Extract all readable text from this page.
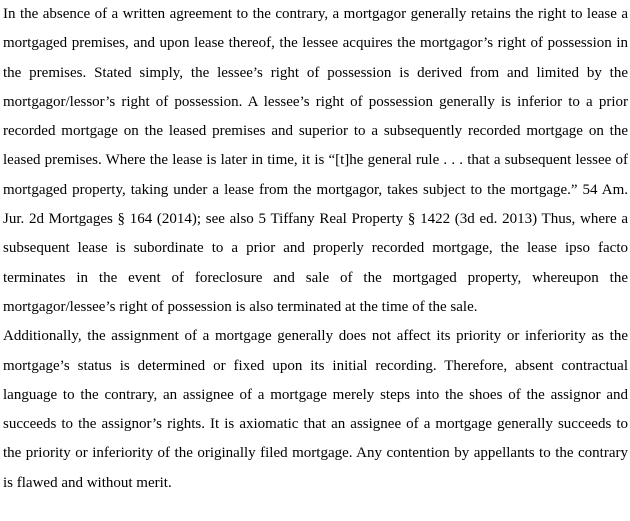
In the absence of a written agreement to the contrary, a mortgagor generally retains the right to lease a mortgaged premises, and upon lease thereof, the lessee acquires the mortgagor’s right of possession in the premises. Stated simply, the lessee’s right of possession is derived from and limited by the mortgagor/lessor’s right of possession. A lessee’s right of possession generally is inferior to a prior recorded mortgage on the leased premises and superior to a subsequently recorded mortgage on the leased premises. Where the lease is later in time, it is “[t]he general rule . . . that a subsequent lessee of mortgaged property, taking under a lease from the mortgagor, takes subject to the mortgage.” 54 Am. Jur. 2d Mortgages § 164 (2014); see also 5 Tiffany Real Property § 1422 (3d ed. 2013) Thus, where a subsequent lease is subordinate to a prior and properly recorded mortgage, the lease ipso facto terminates in the event of foreclosure and sale of the mortgaged property, whereupon the mortgagor/lessee’s right of possession is also terminated at the time of the sale.

Additionally, the assignment of a mortgage generally does not affect its priority or inferiority as the mortgage’s status is determined or fixed upon its initial recording. Therefore, absent contractual language to the contrary, an assignee of a mortgage merely steps into the shoes of the assignor and succeeds to the assignor’s rights. It is axiomatic that an assignee of a mortgage generally succeeds to the priority or inferiority of the originally filed mortgage. Any contention by appellants to the contrary is flawed and without merit.
